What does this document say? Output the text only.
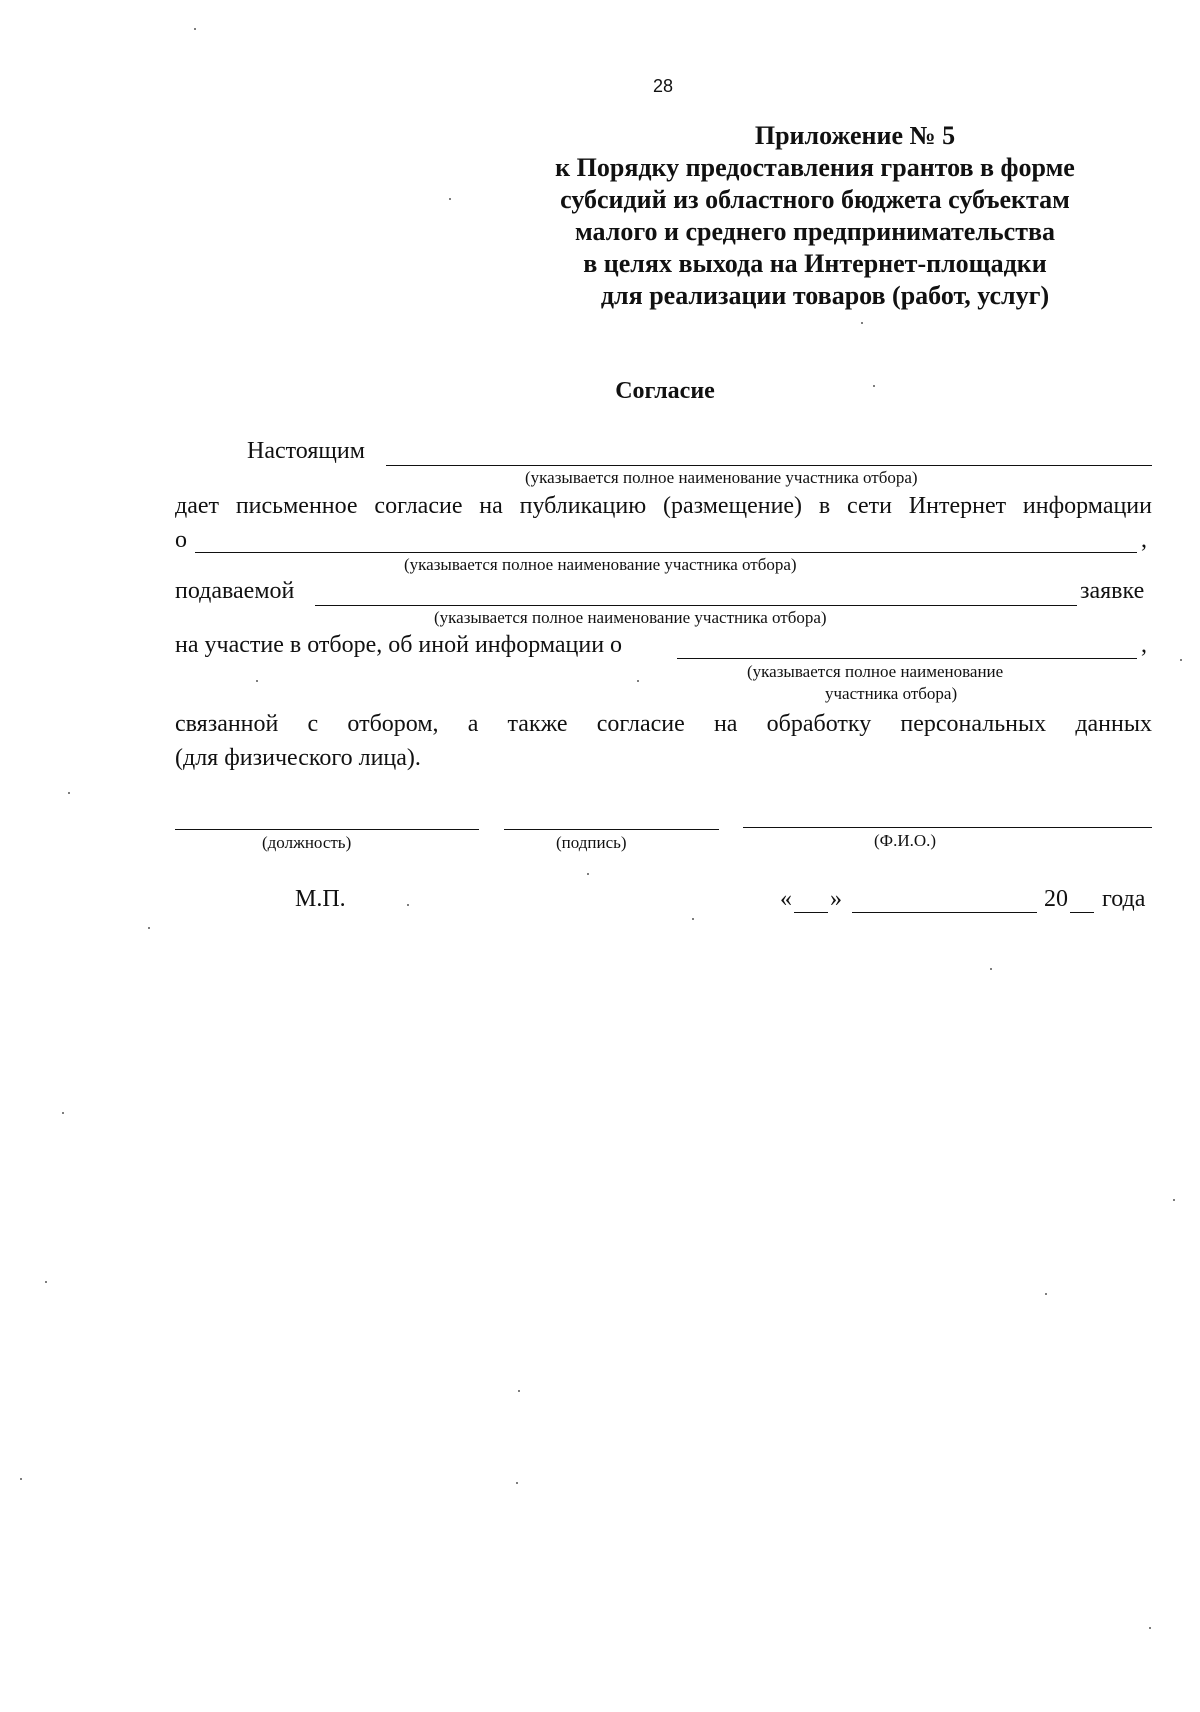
28
Приложение № 5
к Порядку предоставления грантов в форме
субсидий из областного бюджета субъектам
малого и среднего предпринимательства
в целях выхода на Интернет-площадки
для реализации товаров (работ, услуг)
Согласие
Настоящим
(указывается полное наименование участника отбора)
дает письменное согласие на публикацию (размещение) в сети Интернет информации
о	,
(указывается полное наименование участника отбора)
подаваемой	заявке
(указывается полное наименование участника отбора)
на участие в отборе, об иной информации о	,
(указывается полное наименование
участника отбора)
связанной с отбором, а также согласие на обработку персональных данных
(для физического лица).
(должность)	(подпись)	(Ф.И.О.)
М.П.	« »	20 года
